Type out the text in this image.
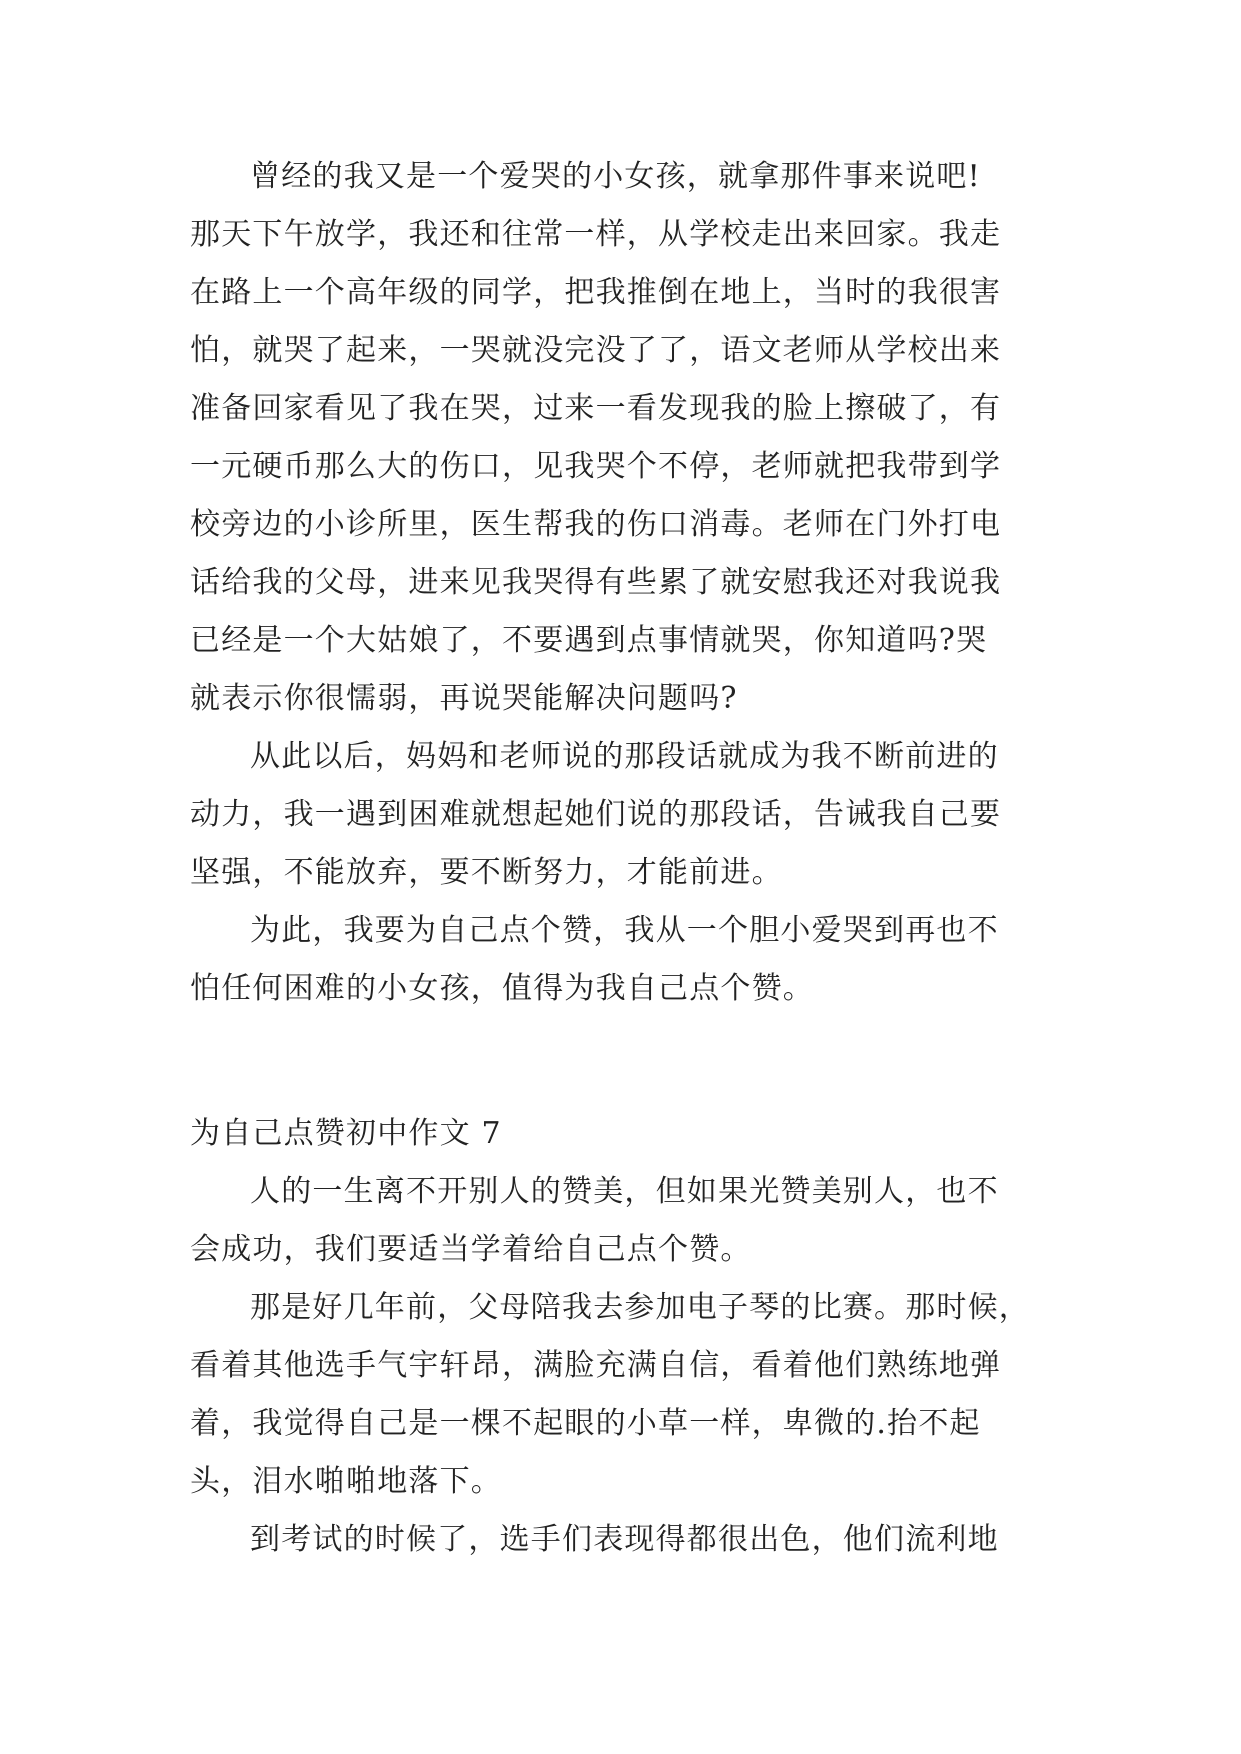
曾经的我又是一个爱哭的小女孩，就拿那件事来说吧!
那天下午放学，我还和往常一样，从学校走出来回家。我走
在路上一个高年级的同学，把我推倒在地上，当时的我很害
怕，就哭了起来，一哭就没完没了了，语文老师从学校出来
准备回家看见了我在哭，过来一看发现我的脸上擦破了，有
一元硬币那么大的伤口，见我哭个不停，老师就把我带到学
校旁边的小诊所里，医生帮我的伤口消毒。老师在门外打电
话给我的父母，进来见我哭得有些累了就安慰我还对我说我
已经是一个大姑娘了，不要遇到点事情就哭，你知道吗?哭
就表示你很懦弱，再说哭能解决问题吗?

从此以后，妈妈和老师说的那段话就成为我不断前进的
动力，我一遇到困难就想起她们说的那段话，告诫我自己要
坚强，不能放弃，要不断努力，才能前进。

为此，我要为自己点个赞，我从一个胆小爱哭到再也不
怕任何困难的小女孩，值得为我自己点个赞。

为自己点赞初中作文 7

人的一生离不开别人的赞美，但如果光赞美别人，也不
会成功，我们要适当学着给自己点个赞。

那是好几年前，父母陪我去参加电子琴的比赛。那时候，
看着其他选手气宇轩昂，满脸充满自信，看着他们熟练地弹
着，我觉得自己是一棵不起眼的小草一样，卑微的.抬不起
头，泪水啪啪地落下。

到考试的时候了，选手们表现得都很出色，他们流利地
